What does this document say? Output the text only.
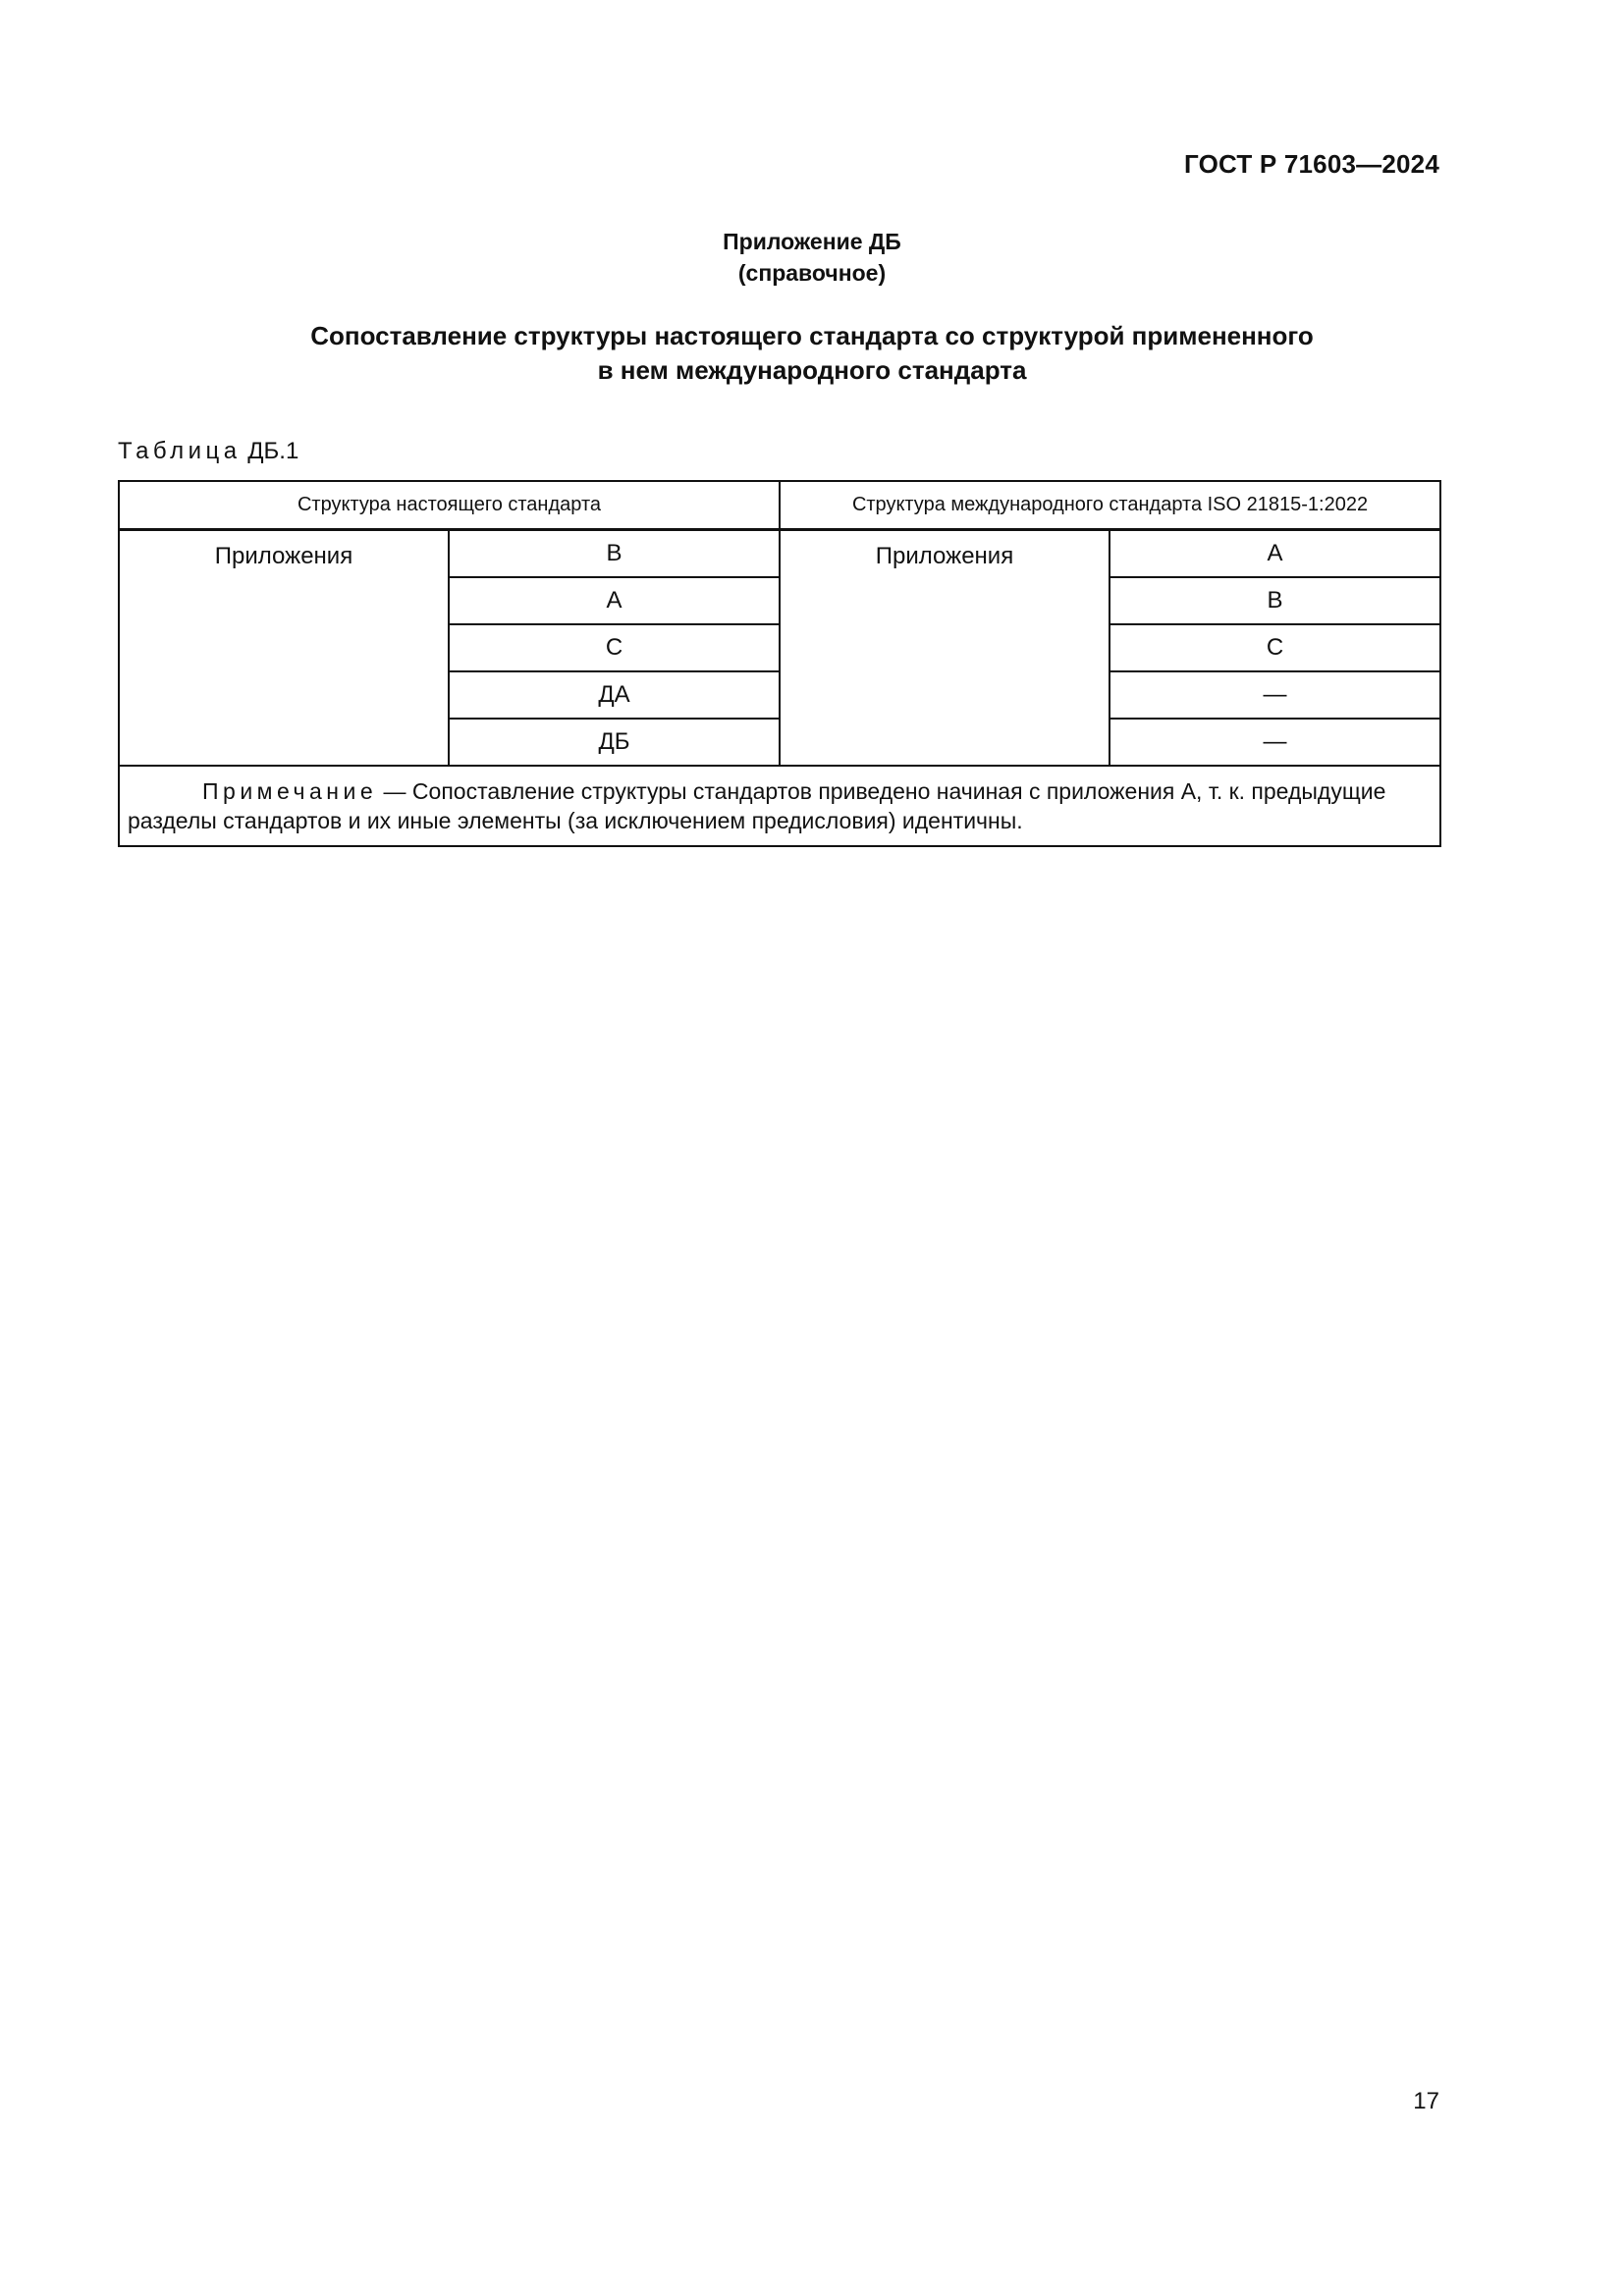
ГОСТ Р 71603—2024
Приложение ДБ
(справочное)
Сопоставление структуры настоящего стандарта со структурой примененного
в нем международного стандарта
Таблица ДБ.1
Структура настоящего стандарта		Структура международного стандарта ISO 21815-1:2022	
Приложения	B	Приложения	A
	А		B
	С		С
	ДА		—
	ДБ		—
Примечание — Сопоставление структуры стандартов приведено начиная с приложения А, т. к. предыдущие разделы стандартов и их иные элементы (за исключением предисловия) идентичны.			
17
